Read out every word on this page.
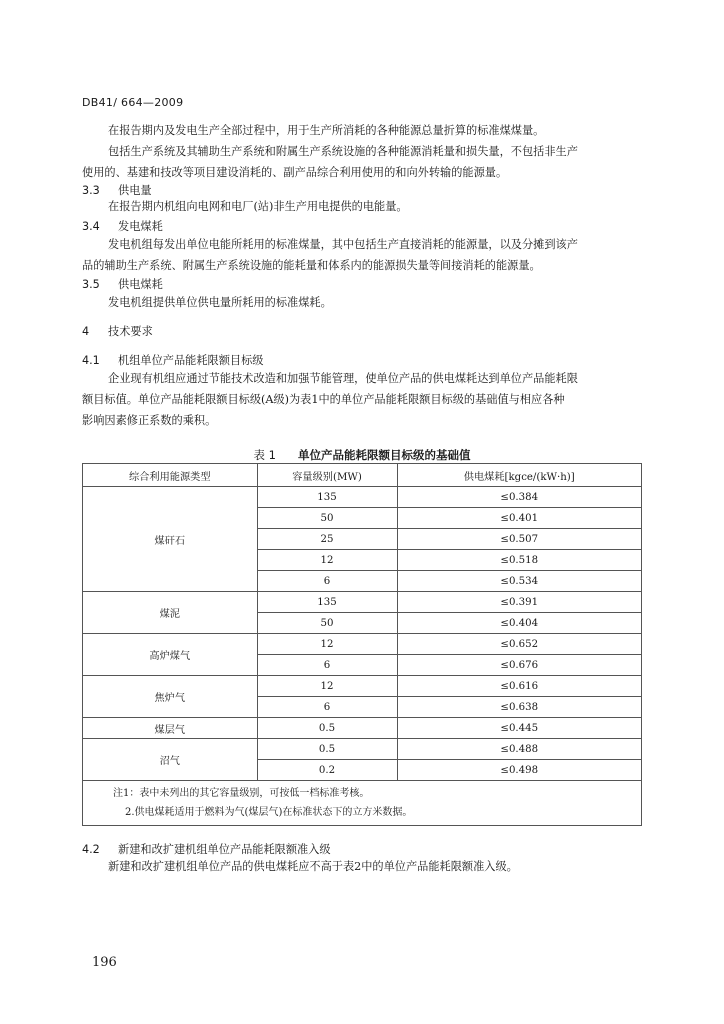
DB41/ 664—2009
在报告期内及发电生产全部过程中，用于生产所消耗的各种能源总量折算的标准煤煤量。
包括生产系统及其辅助生产系统和附属生产系统设施的各种能源消耗量和损失量，不包括非生产
使用的、基建和技改等项目建设消耗的、副产品综合利用使用的和向外转输的能源量。
3.3 供电量
在报告期内机组向电网和电厂(站)非生产用电提供的电能量。
3.4 发电煤耗
发电机组每发出单位电能所耗用的标准煤量，其中包括生产直接消耗的能源量，以及分摊到该产
品的辅助生产系统、附属生产系统设施的能耗量和体系内的能源损失量等间接消耗的能源量。
3.5 供电煤耗
发电机组提供单位供电量所耗用的标准煤耗。
4 技术要求
4.1 机组单位产品能耗限额目标级
企业现有机组应通过节能技术改造和加强节能管理，使单位产品的供电煤耗达到单位产品能耗限
额目标值。单位产品能耗限额目标级(A级)为表1中的单位产品能耗限额目标级的基础值与相应各种
影响因素修正系数的乘积。
表 1 单位产品能耗限额目标级的基础值
综合利用能源类型	容量级别(MW)	供电煤耗[kgce/(kW·h)]
煤矸石	135	≤0.384
	50	≤0.401
	25	≤0.507
	12	≤0.518
	6	≤0.534
煤泥	135	≤0.391
	50	≤0.404
高炉煤气	12	≤0.652
	6	≤0.676
焦炉气	12	≤0.616
	6	≤0.638
煤层气	0.5	≤0.445
沼气	0.5	≤0.488
	0.2	≤0.498

注1：表中未列出的其它容量级别，可按低一档标准考核。
2.供电煤耗适用于燃料为气(煤层气)在标准状态下的立方米数据。		
4.2 新建和改扩建机组单位产品能耗限额准入级
新建和改扩建机组单位产品的供电煤耗应不高于表2中的单位产品能耗限额准入级。
196
